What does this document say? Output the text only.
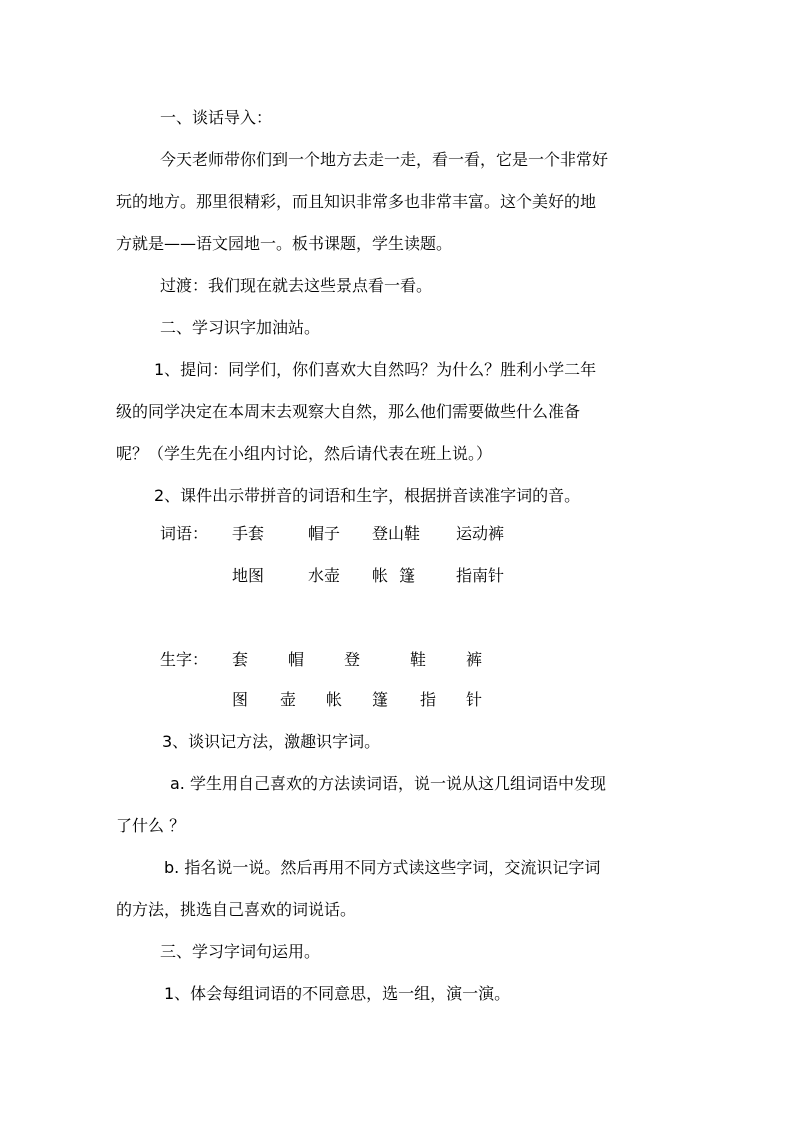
一、谈话导入：
今天老师带你们到一个地方去走一走，看一看，它是一个非常好
玩的地方。那里很精彩，而且知识非常多也非常丰富。这个美好的地
方就是——语文园地一。板书课题，学生读题。
过渡：我们现在就去这些景点看一看。
二、学习识字加油站。
1、提问：同学们，你们喜欢大自然吗？为什么？胜利小学二年
级的同学决定在本周末去观察大自然，那么他们需要做些什么准备
呢？（学生先在小组内讨论，然后请代表在班上说。）
2、课件出示带拼音的词语和生字，根据拼音读准字词的音。
词语： 手套	帽子 登山鞋 运动裤
地图	水壶 帐 篷	指南针
生字： 套 帽 登	鞋 裤
图 壶 帐 篷 指 针
3、谈识记方法，激趣识字词。
a. 学生用自己喜欢的方法读词语，说一说从这几组词语中发现
了什么 ？
b. 指名说一说。然后再用不同方式读这些字词，交流识记字词
的方法，挑选自己喜欢的词说话。
三、学习字词句运用。
1、体会每组词语的不同意思，选一组，演一演。
